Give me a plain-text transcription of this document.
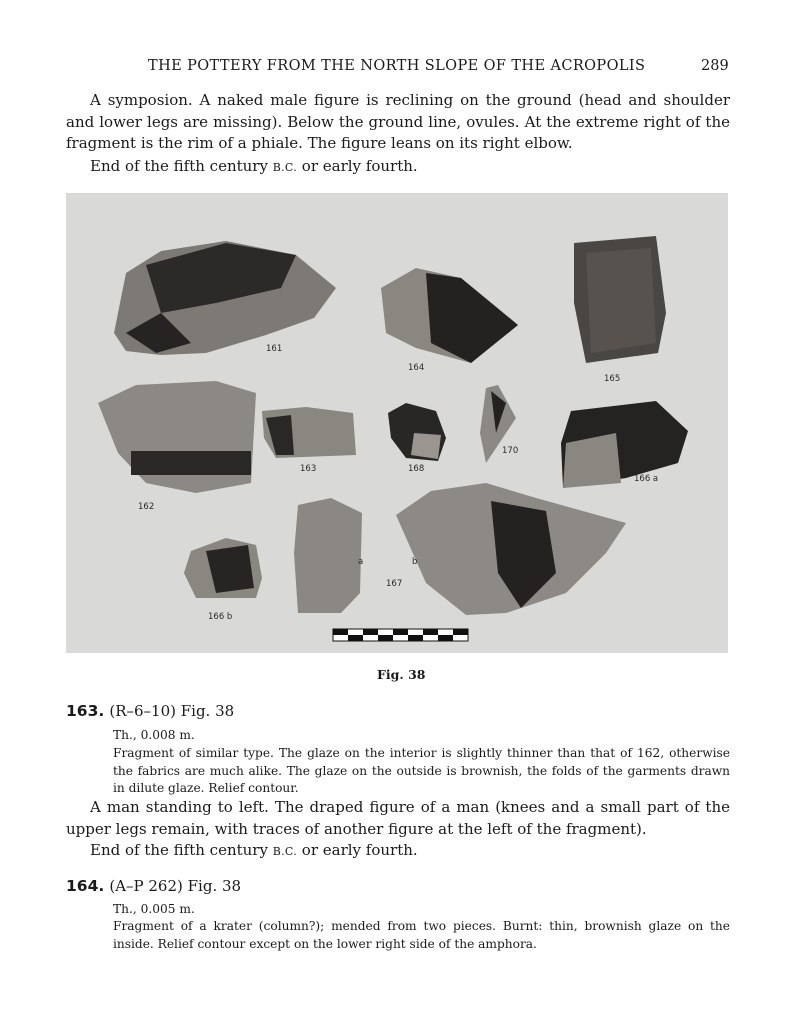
THE POTTERY FROM THE NORTH SLOPE OF THE ACROPOLIS	289
A symposion. A naked male figure is reclining on the ground (head and shoulder and lower legs are missing). Below the ground line, ovules. At the extreme right of the fragment is the rim of a phiale. The figure leans on its right elbow.
End of the fifth century B.C. or early fourth.
161
164
165
162
163	168
170
166 a
166 b
167
a	b
Fig. 38
163. (R–6–10) Fig. 38
Th., 0.008 m.
Fragment of similar type. The glaze on the interior is slightly thinner than that of 162, otherwise the fabrics are much alike. The glaze on the outside is brownish, the folds of the garments drawn in dilute glaze. Relief contour.
A man standing to left. The draped figure of a man (knees and a small part of the upper legs remain, with traces of another figure at the left of the fragment).
End of the fifth century B.C. or early fourth.
164. (A–P 262) Fig. 38
Th., 0.005 m.
Fragment of a krater (column?); mended from two pieces. Burnt: thin, brownish glaze on the inside. Relief contour except on the lower right side of the amphora.
